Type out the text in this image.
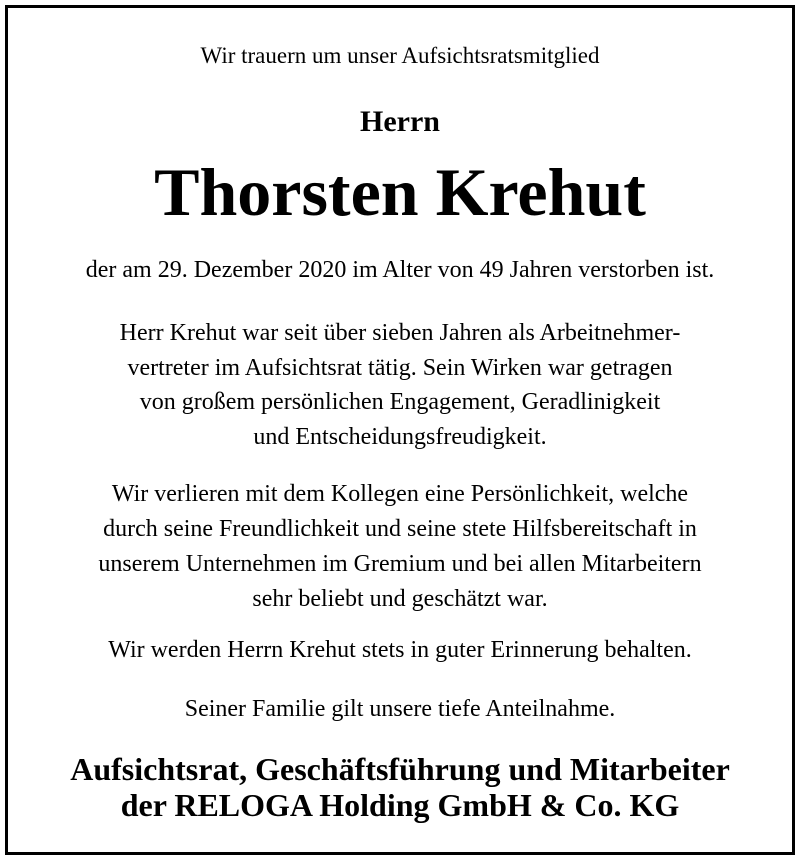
Wir trauern um unser Aufsichtsratsmitglied

Herrn

Thorsten Krehut

der am 29. Dezember 2020 im Alter von 49 Jahren verstorben ist.

Herr Krehut war seit über sieben Jahren als Arbeitnehmer-
vertreter im Aufsichtsrat tätig. Sein Wirken war getragen
von großem persönlichen Engagement, Geradlinigkeit
und Entscheidungsfreudigkeit.
Wir verlieren mit dem Kollegen eine Persönlichkeit, welche
durch seine Freundlichkeit und seine stete Hilfsbereitschaft in
unserem Unternehmen im Gremium und bei allen Mitarbeitern
sehr beliebt und geschätzt war.

Wir werden Herrn Krehut stets in guter Erinnerung behalten.

Seiner Familie gilt unsere tiefe Anteilnahme.

Aufsichtsrat, Geschäftsführung und Mitarbeiter
der RELOGA Holding GmbH & Co. KG
